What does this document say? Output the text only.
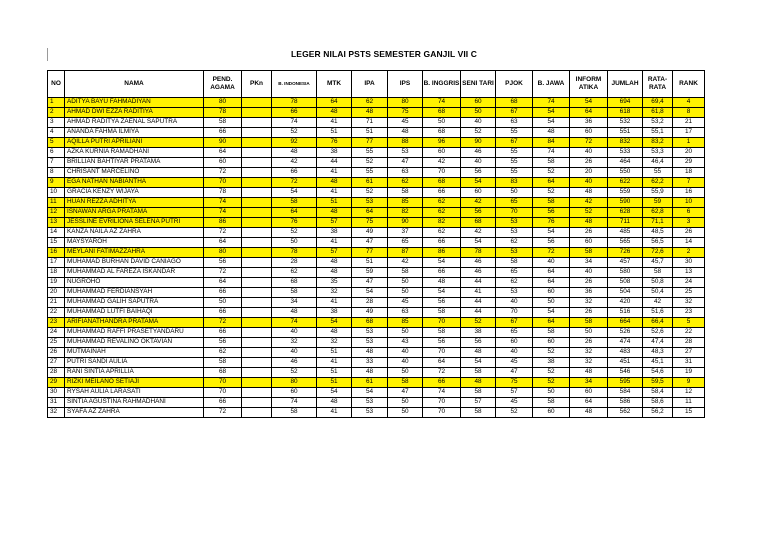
LEGER NILAI PSTS SEMESTER GANJIL VII C
NO	NAMA	PEND. AGAMA	PKn	B. INDONESIA	MTK	IPA	IPS	B. INGGRIS	SENI TARI	PJOK	B. JAWA	INFORM ATIKA	JUMLAH	RATA-RATA	RANK
1	ADITYA BAYU FAHMADIYAN	80		78	64	62	80	74	60	68	74	54	694	69,4	4
2	AHMAD DWI EZZA RADITIYA	78		66	48	48	75	68	50	67	54	64	618	61,8	8
3	AHMAD RADITYA ZAENAL SAPUTRA	58		74	41	71	45	50	40	63	54	36	532	53,2	21
4	ANANDA FAHMA ILMIYA	66		52	51	51	48	68	52	55	48	60	551	55,1	17
5	AQILLA PUTRI APRILIANI	90		92	76	77	88	96	90	67	84	72	832	83,2	1
6	AZKA KURNIA RAMADHANI	64		48	38	55	53	60	46	55	74	40	533	53,3	20
7	BRILLIAN BAHTIYAR PRATAMA	60		42	44	52	47	42	40	55	58	26	464	46,4	29
8	CHRISANT MARCELINO	72		66	41	55	63	70	56	55	52	20	550	55	18
9	EGA NATHAN NABIANTHA	70		72	48	61	62	68	54	83	64	40	622	62,2	7
10	GRACIA KENZY WIJAYA	78		54	41	52	58	66	60	50	52	48	559	55,9	16
11	HUAN REZZA ADHITYA	74		58	51	53	85	62	42	65	58	42	590	59	10
12	ISNAWAN ARGA PRATAMA	74		64	48	64	82	62	56	70	56	52	628	62,8	6
13	JESSLINE EVRILIONA SELENA PUTRI	86		76	57	75	90	82	68	53	76	48	711	71,1	3
14	KANZA NAILA AZ ZAHRA	72		52	38	49	37	62	42	53	54	26	485	48,5	26
15	MAYSYAROH	64		50	41	47	65	66	54	62	56	60	565	56,5	14
16	MEYLANI FATIMAZZAHRA	80		78	57	77	87	86	78	53	72	58	726	72,6	2
17	MUHAMAD BURHAN DAVID CANIAGO	56		28	48	51	42	54	46	58	40	34	457	45,7	30
18	MUHAMMAD AL FAREZA ISKANDAR	72		62	48	59	58	66	46	65	64	40	580	58	13
19	NUGROHO	64		68	35	47	50	48	44	62	64	26	508	50,8	24
20	MUHAMMAD FERDIANSYAH	66		58	32	54	50	54	41	53	60	36	504	50,4	25
21	MUHAMMAD GALIH SAPUTRA	50		34	41	28	45	56	44	40	50	32	420	42	32
22	MUHAMMAD LUTFI BAIHAQI	66		48	38	49	63	58	44	70	54	26	516	51,6	23
23	ARIFIANATHANDRA PRATAMA	72		74	54	68	85	70	52	67	64	58	664	66,4	5
24	MUHAMMAD RAFFI PRASETYANDARU	66		40	48	53	50	58	38	65	58	50	526	52,6	22
25	MUHAMMAD REVALINO OKTAVIAN	56		32	32	53	43	56	56	60	60	26	474	47,4	28
26	MUTMAINAH	62		40	51	48	40	70	48	40	52	32	483	48,3	27
27	PUTRI SANDI AULIA	58		46	41	33	40	64	54	45	38	32	451	45,1	31
28	RANI SINTIA APRILLIA	68		52	51	48	50	72	58	47	52	48	546	54,6	19
29	RIZKI MEILANO SETIAJI	70		80	51	61	58	66	48	75	52	34	595	59,5	9
30	RYSAH AULIA LARASATI	70		60	54	54	47	74	58	57	50	60	584	58,4	12
31	SINTIA AGUSTINA RAHMADHANI	66		74	48	53	50	70	57	45	58	64	586	58,6	11
32	SYAFA AZ ZAHRA	72		58	41	53	50	70	58	52	60	48	562	56,2	15
